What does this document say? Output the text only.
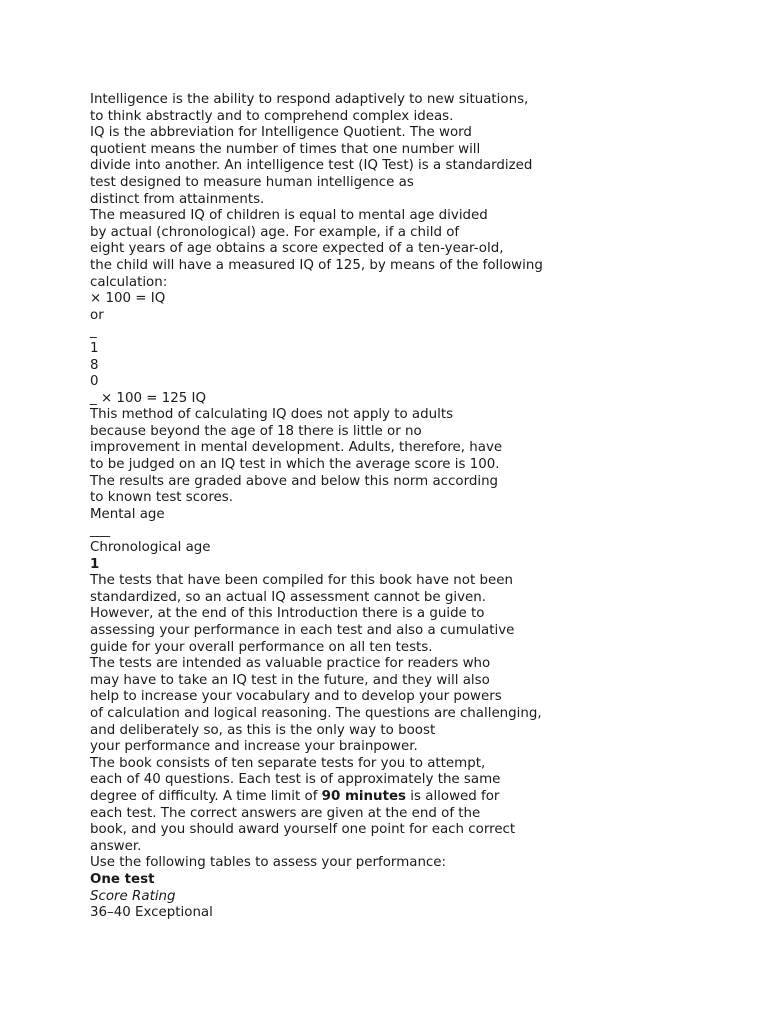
Intelligence is the ability to respond adaptively to new situations,
to think abstractly and to comprehend complex ideas.
IQ is the abbreviation for Intelligence Quotient. The word
quotient means the number of times that one number will
divide into another. An intelligence test (IQ Test) is a standardized
test designed to measure human intelligence as
distinct from attainments.
The measured IQ of children is equal to mental age divided
by actual (chronological) age. For example, if a child of
eight years of age obtains a score expected of a ten-year-old,
the child will have a measured IQ of 125, by means of the following
calculation:
× 100 = IQ
or
_
1
8
0
_ × 100 = 125 IQ
This method of calculating IQ does not apply to adults
because beyond the age of 18 there is little or no
improvement in mental development. Adults, therefore, have
to be judged on an IQ test in which the average score is 100.
The results are graded above and below this norm according
to known test scores.
Mental age
___
Chronological age
1
The tests that have been compiled for this book have not been
standardized, so an actual IQ assessment cannot be given.
However, at the end of this Introduction there is a guide to
assessing your performance in each test and also a cumulative
guide for your overall performance on all ten tests.
The tests are intended as valuable practice for readers who
may have to take an IQ test in the future, and they will also
help to increase your vocabulary and to develop your powers
of calculation and logical reasoning. The questions are challenging,
and deliberately so, as this is the only way to boost
your performance and increase your brainpower.
The book consists of ten separate tests for you to attempt,
each of 40 questions. Each test is of approximately the same
degree of difficulty. A time limit of 90 minutes is allowed for
each test. The correct answers are given at the end of the
book, and you should award yourself one point for each correct
answer.
Use the following tables to assess your performance:
One test
Score Rating
36–40 Exceptional
